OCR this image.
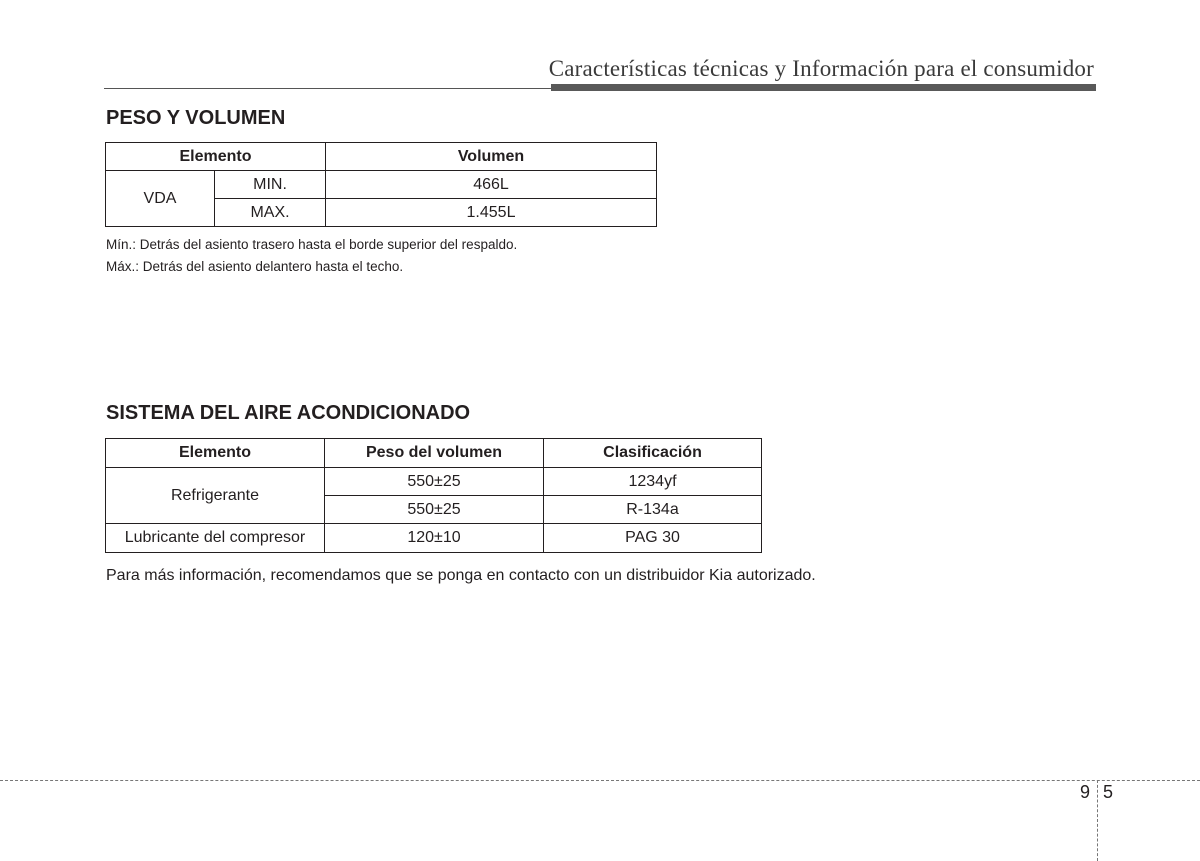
Características técnicas y Información para el consumidor
PESO Y VOLUMEN
Elemento		Volumen
VDA	MIN.	466L
	MAX.	1.455L
Mín.: Detrás del asiento trasero hasta el borde superior del respaldo.
Máx.: Detrás del asiento delantero hasta el techo.
SISTEMA DEL AIRE ACONDICIONADO
Elemento	Peso del volumen	Clasificación
Refrigerante	550±25	1234yf
	550±25	R-134a
Lubricante del compresor	120±10	PAG 30
Para más información, recomendamos que se ponga en contacto con un distribuidor Kia autorizado.
9 5
